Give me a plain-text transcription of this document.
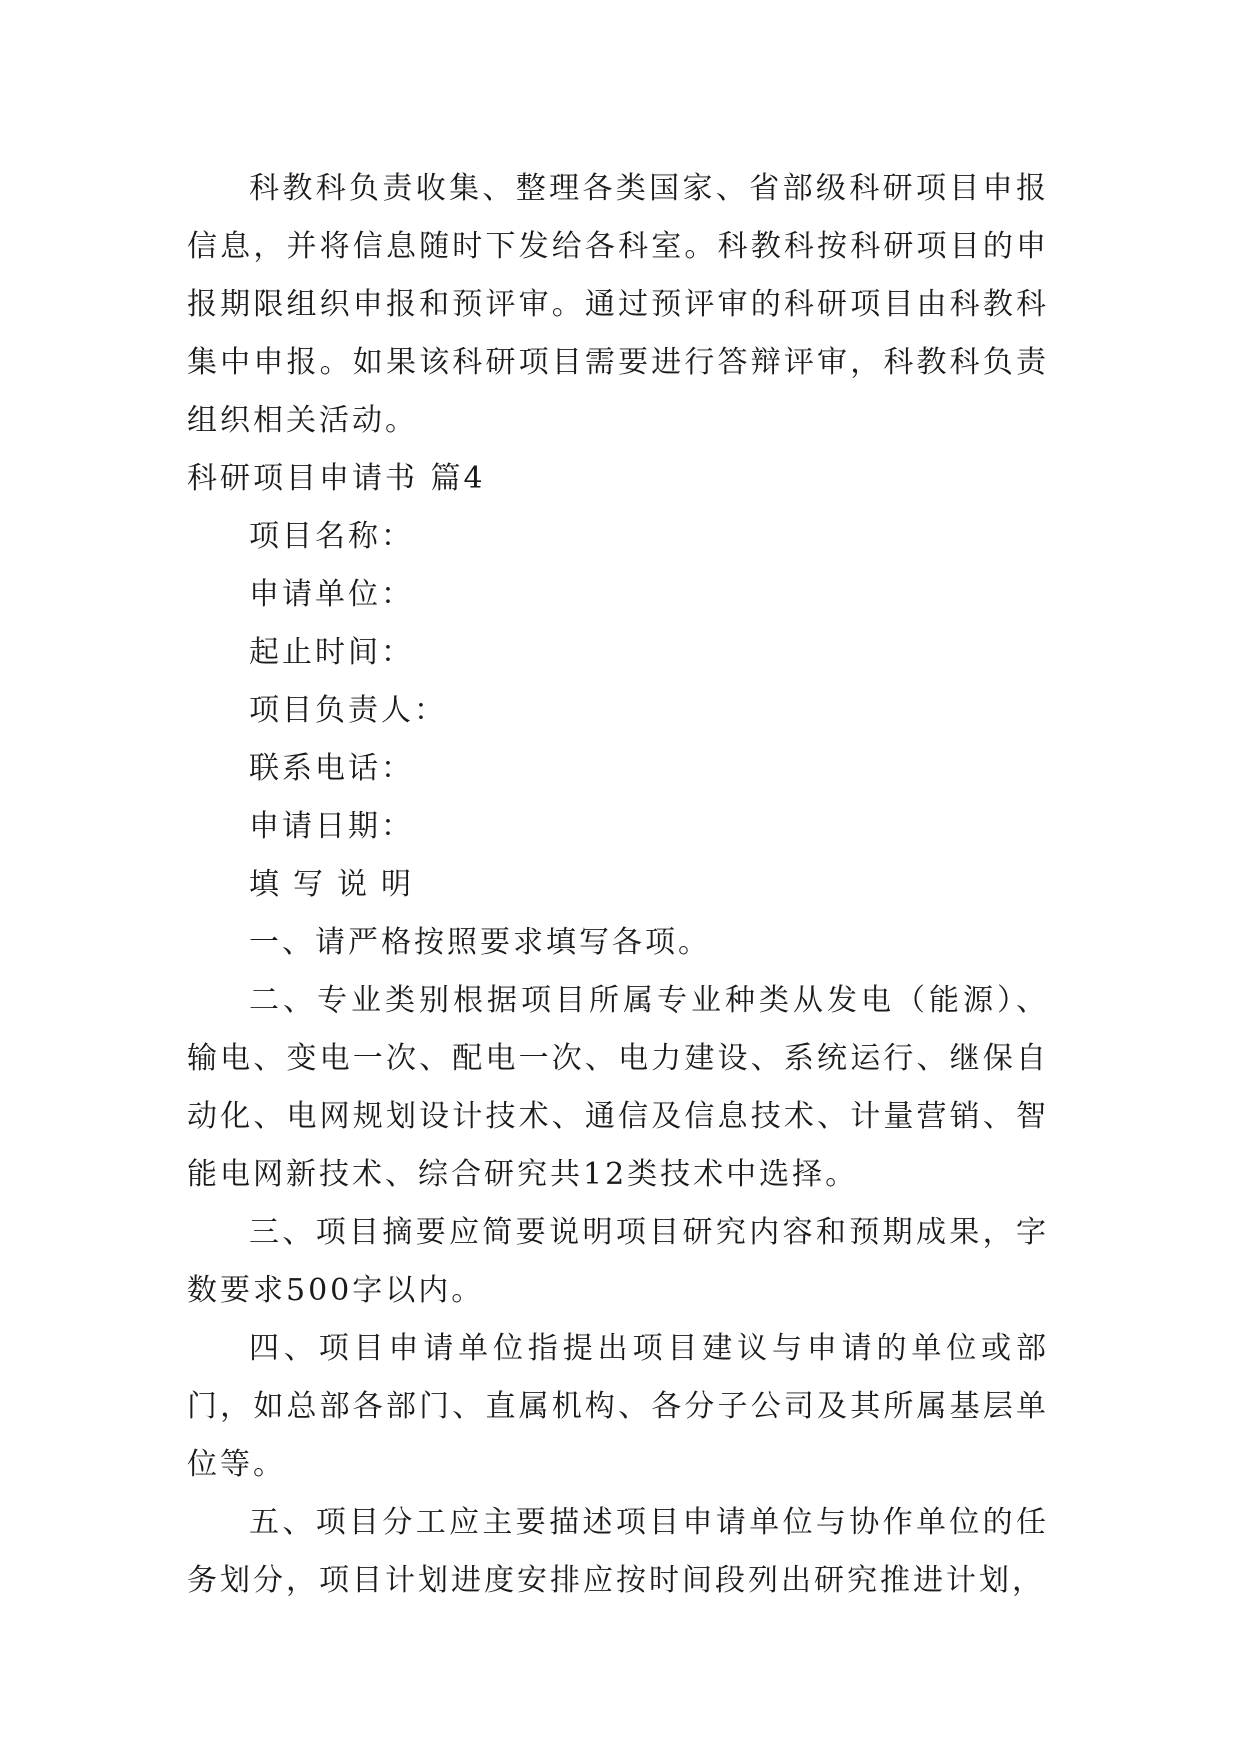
科教科负责收集、整理各类国家、省部级科研项目申报信息，并将信息随时下发给各科室。科教科按科研项目的申报期限组织申报和预评审。通过预评审的科研项目由科教科集中申报。如果该科研项目需要进行答辩评审，科教科负责组织相关活动。

科研项目申请书 篇4

项目名称：

申请单位：

起止时间：

项目负责人：

联系电话：

申请日期：

填写说明

一、请严格按照要求填写各项。

二、专业类别根据项目所属专业种类从发电（能源）、输电、变电一次、配电一次、电力建设、系统运行、继保自动化、电网规划设计技术、通信及信息技术、计量营销、智能电网新技术、综合研究共12类技术中选择。

三、项目摘要应简要说明项目研究内容和预期成果，字数要求500字以内。

四、项目申请单位指提出项目建议与申请的单位或部门，如总部各部门、直属机构、各分子公司及其所属基层单位等。

五、项目分工应主要描述项目申请单位与协作单位的任务划分，项目计划进度安排应按时间段列出研究推进计划，
